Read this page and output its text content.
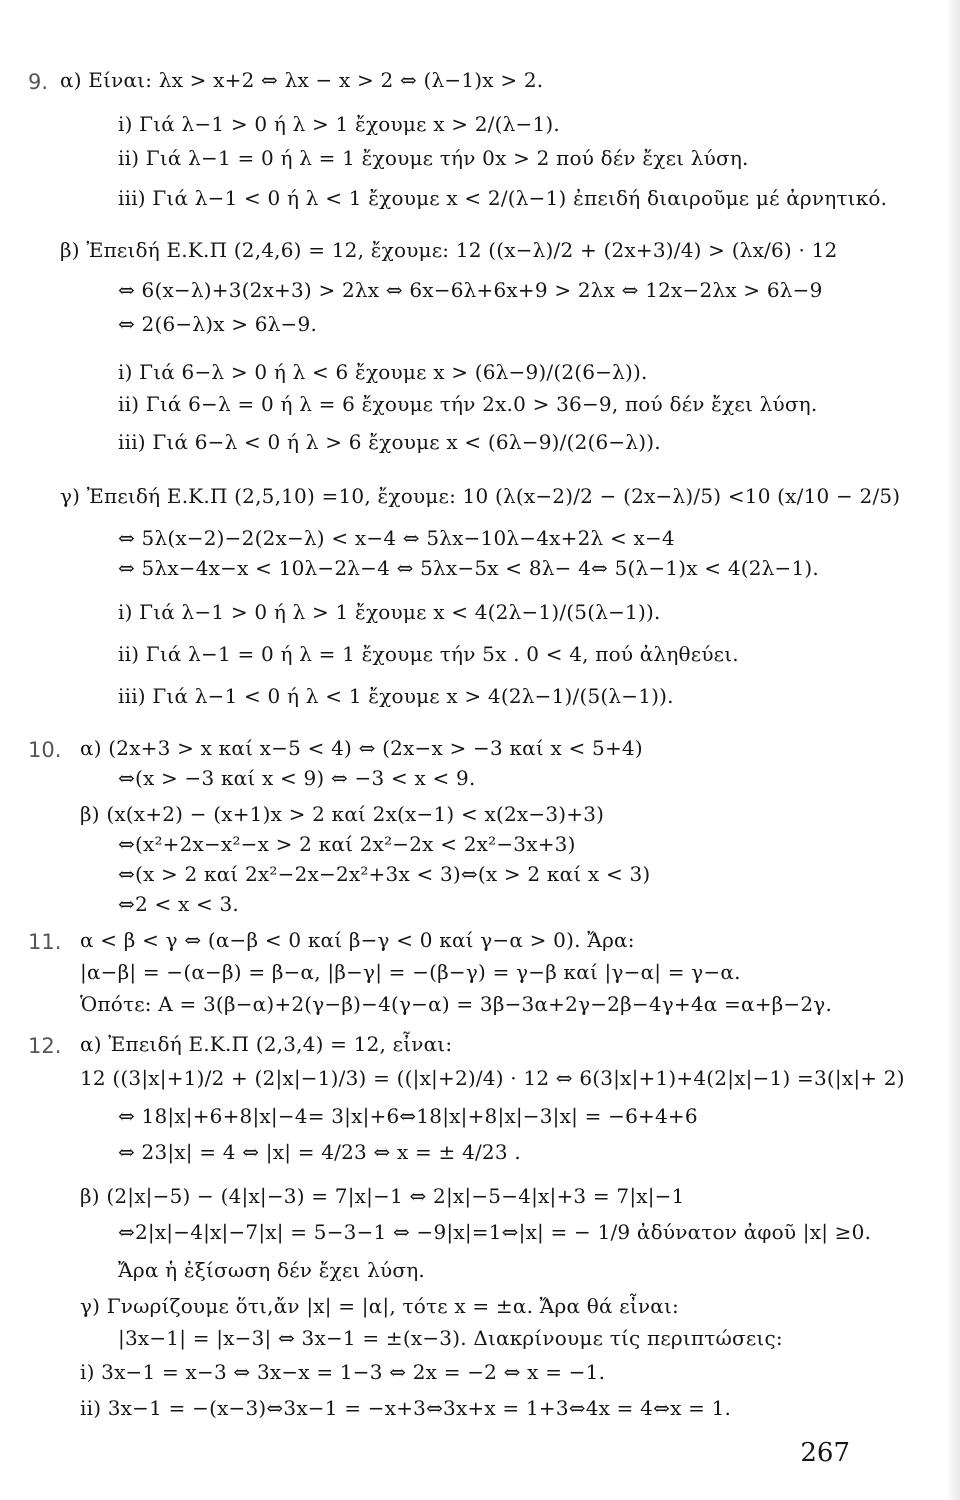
9. α) Είναι: λx > x+2 ⇔ λx − x > 2 ⇔ (λ−1)x > 2.
i) Γιά λ−1 > 0 ή λ > 1 ἔχουμε x > 2/(λ−1).
ii) Γιά λ−1 = 0 ή λ = 1 ἔχουμε τήν 0x > 2 πού δέν ἔχει λύση.
iii) Γιά λ−1 < 0 ή λ < 1 ἔχουμε x < 2/(λ−1) ἐπειδή διαιροῦμε μέ ἀρνητικό.
β) Ἐπειδή Ε.Κ.Π (2,4,6) = 12, ἔχουμε: 12 ((x−λ)/2 + (2x+3)/4) > (λx/6) · 12
⇔ 6(x−λ)+3(2x+3) > 2λx ⇔ 6x−6λ+6x+9 > 2λx ⇔ 12x−2λx > 6λ−9
⇔ 2(6−λ)x > 6λ−9.
i) Γιά 6−λ > 0 ή λ < 6 ἔχουμε x > (6λ−9)/(2(6−λ)).
ii) Γιά 6−λ = 0 ή λ = 6 ἔχουμε τήν 2x.0 > 36−9, πού δέν ἔχει λύση.
iii) Γιά 6−λ < 0 ή λ > 6 ἔχουμε x < (6λ−9)/(2(6−λ)).
γ) Ἐπειδή Ε.Κ.Π (2,5,10) =10, ἔχουμε: 10 (λ(x−2)/2 − (2x−λ)/5) <10 (x/10 − 2/5)
⇔ 5λ(x−2)−2(2x−λ) < x−4 ⇔ 5λx−10λ−4x+2λ < x−4
⇔ 5λx−4x−x < 10λ−2λ−4 ⇔ 5λx−5x < 8λ− 4⇔ 5(λ−1)x < 4(2λ−1).
i) Γιά λ−1 > 0 ή λ > 1 ἔχουμε x < 4(2λ−1)/(5(λ−1)).
ii) Γιά λ−1 = 0 ή λ = 1 ἔχουμε τήν 5x . 0 < 4, πού ἀληθεύει.
iii) Γιά λ−1 < 0 ή λ < 1 ἔχουμε x > 4(2λ−1)/(5(λ−1)).
10. α) (2x+3 > x καί x−5 < 4) ⇔ (2x−x > −3 καί x < 5+4)
⇔(x > −3 καί x < 9) ⇔ −3 < x < 9.
β) (x(x+2) − (x+1)x > 2 καί 2x(x−1) < x(2x−3)+3)
⇔(x²+2x−x²−x > 2 καί 2x²−2x < 2x²−3x+3)
⇔(x > 2 καί 2x²−2x−2x²+3x < 3)⇔(x > 2 καί x < 3)
⇔2 < x < 3.
11. α < β < γ ⇔ (α−β < 0 καί β−γ < 0 καί γ−α > 0). Ἄρα:
|α−β| = −(α−β) = β−α, |β−γ| = −(β−γ) = γ−β καί |γ−α| = γ−α.
Ὁπότε: A = 3(β−α)+2(γ−β)−4(γ−α) = 3β−3α+2γ−2β−4γ+4α =α+β−2γ.
12. α) Ἐπειδή Ε.Κ.Π (2,3,4) = 12, εἶναι:
12 ((3|x|+1)/2 + (2|x|−1)/3) = ((|x|+2)/4) · 12 ⇔ 6(3|x|+1)+4(2|x|−1) =3(|x|+ 2)
⇔ 18|x|+6+8|x|−4= 3|x|+6⇔18|x|+8|x|−3|x| = −6+4+6
⇔ 23|x| = 4 ⇔ |x| = 4/23 ⇔ x = ± 4/23 .
β) (2|x|−5) − (4|x|−3) = 7|x|−1 ⇔ 2|x|−5−4|x|+3 = 7|x|−1
⇔2|x|−4|x|−7|x| = 5−3−1 ⇔ −9|x|=1⇔|x| = − 1/9 ἀδύνατον ἀφοῦ |x| ≥0.
Ἄρα ἡ ἐξίσωση δέν ἔχει λύση.
γ) Γνωρίζουμε ὅτι,ἄν |x| = |α|, τότε x = ±α. Ἄρα θά εἶναι:
|3x−1| = |x−3| ⇔ 3x−1 = ±(x−3). Διακρίνουμε τίς περιπτώσεις:
i) 3x−1 = x−3 ⇔ 3x−x = 1−3 ⇔ 2x = −2 ⇔ x = −1.
ii) 3x−1 = −(x−3)⇔3x−1 = −x+3⇔3x+x = 1+3⇔4x = 4⇔x = 1.
267
